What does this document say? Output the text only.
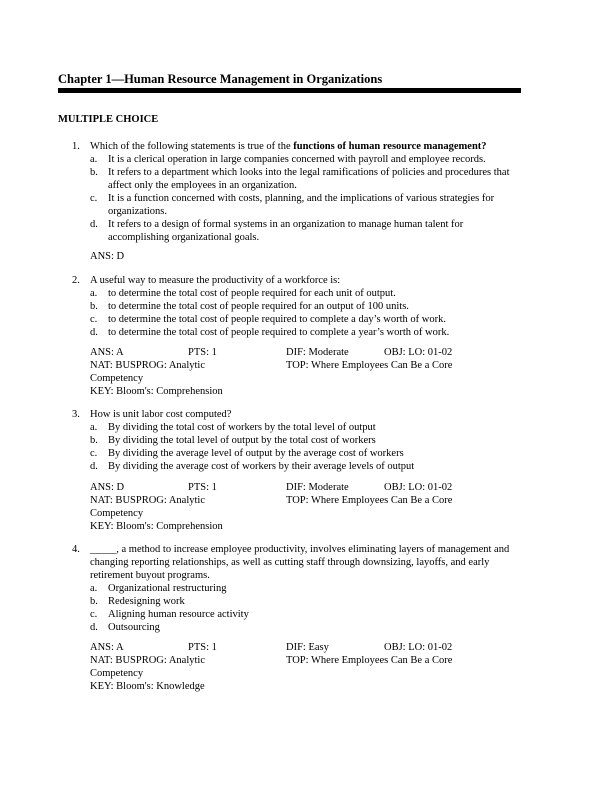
Chapter 1—Human Resource Management in Organizations
MULTIPLE CHOICE
1. Which of the following statements is true of the functions of human resource management?
a. It is a clerical operation in large companies concerned with payroll and employee records.
b. It refers to a department which looks into the legal ramifications of policies and procedures that affect only the employees in an organization.
c. It is a function concerned with costs, planning, and the implications of various strategies for organizations.
d. It refers to a design of formal systems in an organization to manage human talent for accomplishing organizational goals.
ANS: D
2. A useful way to measure the productivity of a workforce is:
a. to determine the total cost of people required for each unit of output.
b. to determine the total cost of people required for an output of 100 units.
c. to determine the total cost of people required to complete a day’s worth of work.
d. to determine the total cost of people required to complete a year’s worth of work.
ANS: A	PTS: 1	DIF: Moderate	OBJ: LO: 01-02
NAT: BUSPROG: Analytic	TOP: Where Employees Can Be a Core
Competency
KEY: Bloom's: Comprehension
3. How is unit labor cost computed?
a. By dividing the total cost of workers by the total level of output
b. By dividing the total level of output by the total cost of workers
c. By dividing the average level of output by the average cost of workers
d. By dividing the average cost of workers by their average levels of output
ANS: D	PTS: 1	DIF: Moderate	OBJ: LO: 01-02
NAT: BUSPROG: Analytic	TOP: Where Employees Can Be a Core
Competency
KEY: Bloom's: Comprehension
4. _____, a method to increase employee productivity, involves eliminating layers of management and changing reporting relationships, as well as cutting staff through downsizing, layoffs, and early retirement buyout programs.
a. Organizational restructuring
b. Redesigning work
c. Aligning human resource activity
d. Outsourcing
ANS: A	PTS: 1	DIF: Easy	OBJ: LO: 01-02
NAT: BUSPROG: Analytic	TOP: Where Employees Can Be a Core
Competency
KEY: Bloom's: Knowledge
